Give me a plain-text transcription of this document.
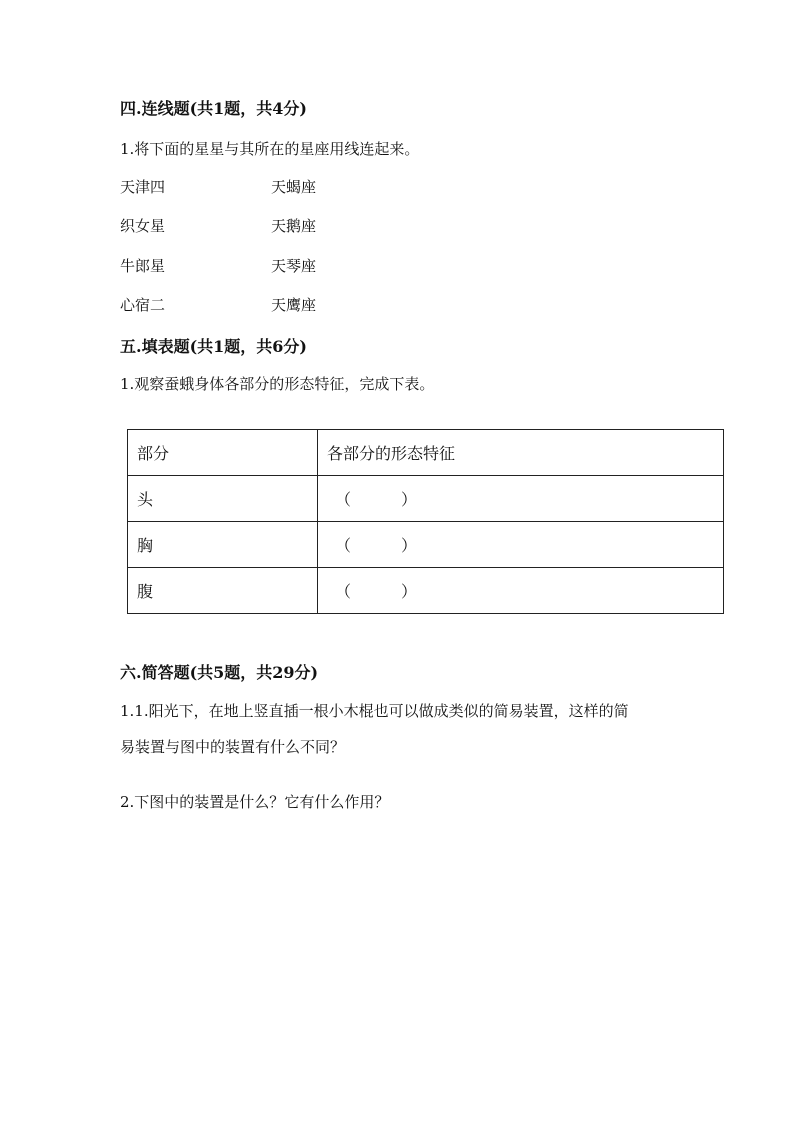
四.连线题(共1题，共4分)
1.将下面的星星与其所在的星座用线连起来。
天津四	天蝎座
织女星	天鹅座
牛郎星	天琴座
心宿二	天鹰座
五.填表题(共1题，共6分)
1.观察蚕蛾身体各部分的形态特征，完成下表。
部分	各部分的形态特征
头	（ ）
胸	（ ）
腹	（ ）
六.简答题(共5题，共29分)
1.1.阳光下，在地上竖直插一根小木棍也可以做成类似的简易装置，这样的简
易装置与图中的装置有什么不同？
2.下图中的装置是什么？它有什么作用？
